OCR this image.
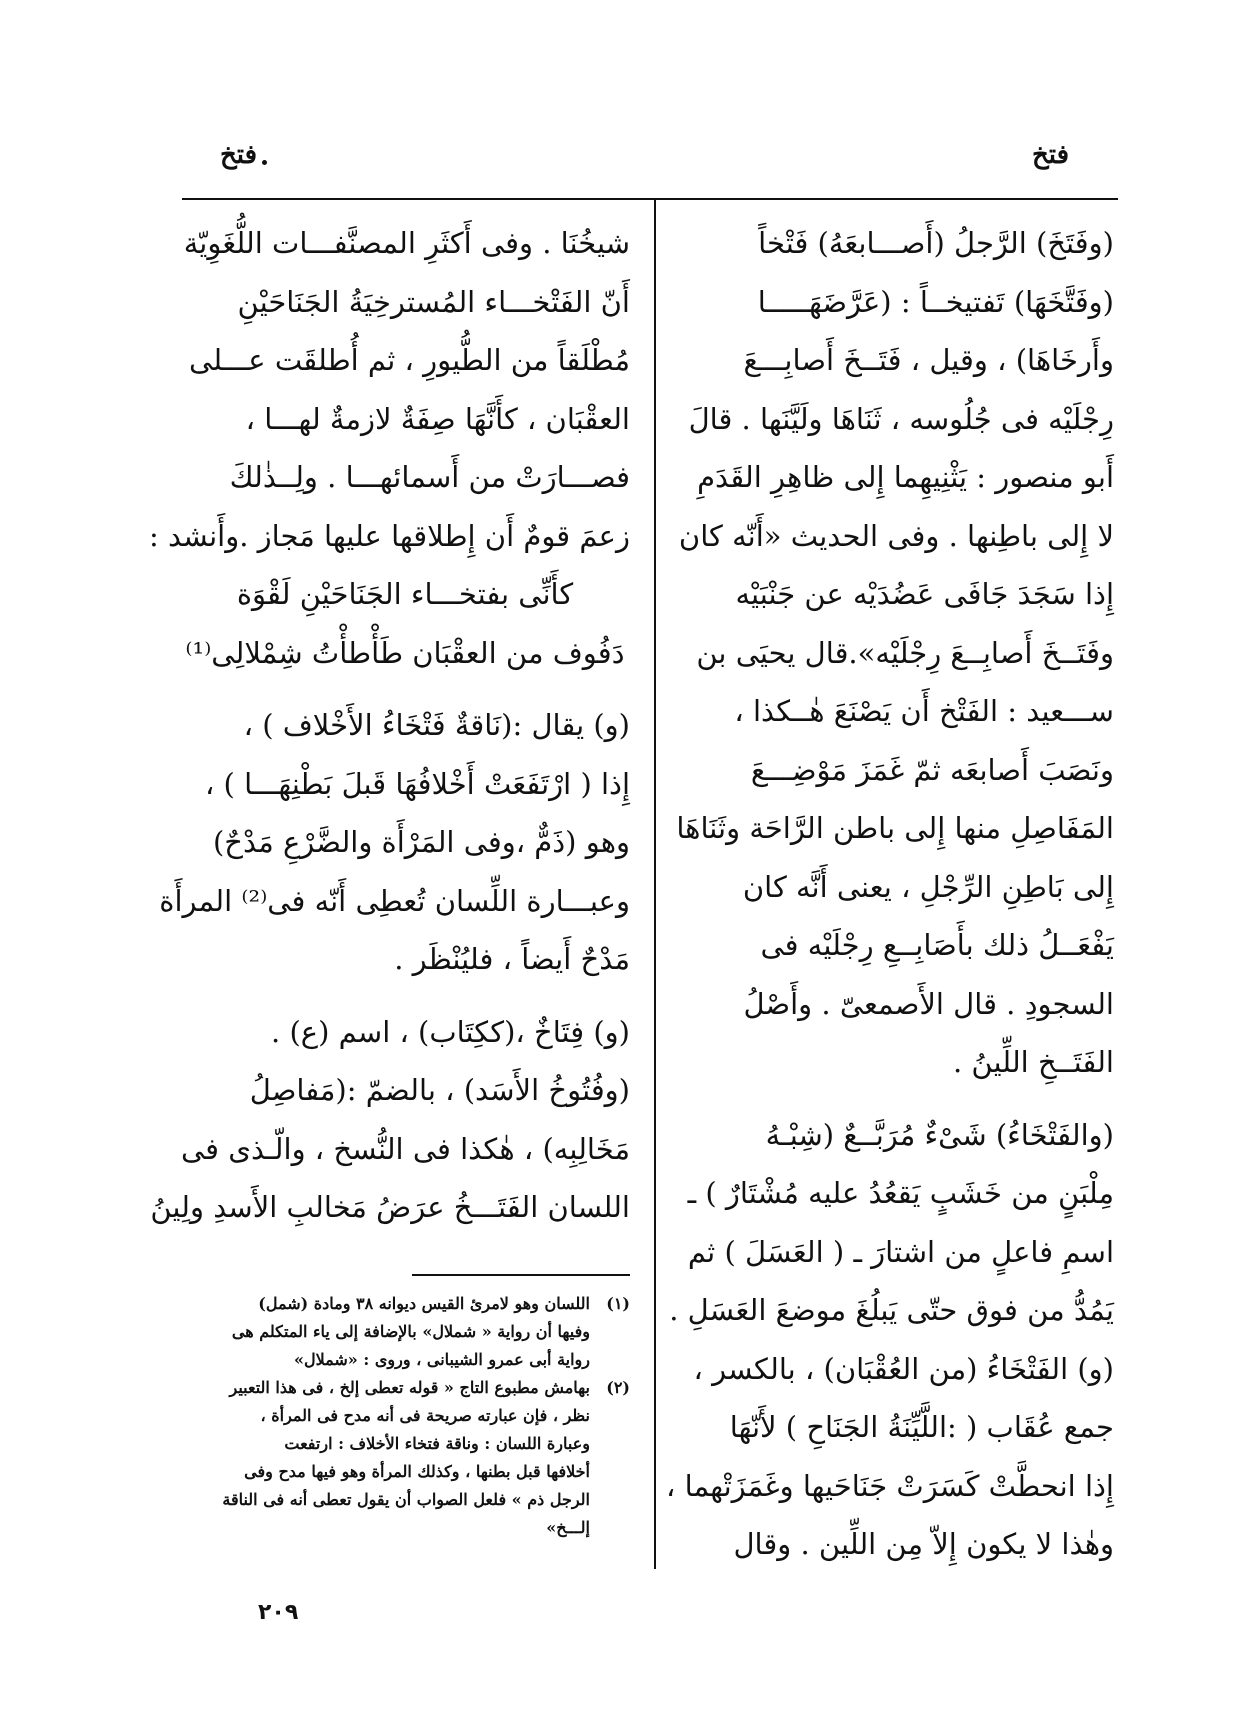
فتخ
فتخ
(وفَتَخَ) الرَّجلُ (أَصـــابعَهُ) فَتْخاً
(وفَتَّخَهَا) تَفتيخــاً : (عَرَّضَهَـــــا
وأَرخَاهَا) ، وقيل ، فَتَــخَ أَصابِـــعَ
رِجْلَيْه فى جُلُوسه ، ثَنَاهَا ولَيَّنَها . قالَ
أَبو منصور : يَثْنِيهِما إِلى ظاهِرِ القَدَمِ
لا إِلى باطِنها . وفى الحديث «أَنّه كان
إِذا سَجَدَ جَافَى عَضُدَيْه عن جَنْبَيْه
وفَتَــخَ أَصابِــعَ رِجْلَيْه».قال يحيَى بن
ســـعيد : الفَتْخ أَن يَصْنَعَ هٰــكذا ،
ونَصَبَ أَصابعَه ثمّ غَمَزَ مَوْضِـــعَ
المَفَاصِلِ منها إِلى باطن الرَّاحَة وثَنَاهَا
إِلى بَاطِنِ الرِّجْلِ ، يعنى أَنَّه كان
يَفْعَــلُ ذلك بأَصَابِــعِ رِجْلَيْه فى
السجودِ . قال الأَصمعىّ . وأَصْلُ
الفَتَــخِ اللِّينُ .
(والفَتْخَاءُ) شَىْءٌ مُرَبَّــعٌ (شِبْـهُ
مِلْبَنٍ من خَشَبٍ يَقعُدُ عليه مُشْتَارٌ ) ـ
اسمِ فاعلٍ من اشتارَ ـ ( العَسَلَ ) ثم
يَمُدُّ من فوق حتّى يَبلُغَ موضعَ العَسَلِ .
(و) الفَتْخَاءُ (من العُقْبَان) ، بالكسر ،
جمع عُقَاب ( :اللَّيِّنَةُ الجَنَاحِ ) لأَنّهَا
إِذا انحطَّتْ كَسَرَتْ جَنَاحَيها وغَمَزَتْهما ،
وهٰذا لا يكون إِلاّ مِن اللِّين . وقال
شيخُنَا . وفى أَكثَرِ المصنَّفـــات اللُّغَوِيّة
أَنّ الفَتْخـــاء المُسترخِيَةُ الجَنَاحَيْنِ
مُطْلَقاً من الطُّيورِ ، ثم أُطلقَت عـــلى
العقْبَان ، كأَنَّهَا صِفَةٌ لازمةٌ لهـــا ،
فصـــارَتْ من أَسمائهـــا . ولِــذٰلكَ
زعمَ قومٌ أَن إِطلاقها عليها مَجاز .وأَنشد :
كأَنِّى بفتخـــاء الجَنَاحَيْنِ لَقْوَة
دَفُوف من العقْبَان طَأْطأْتُ شِمْلالِى⁽¹⁾
(و) يقال :(نَاقةٌ فَتْخَاءُ الأَخْلاف ) ،
إِذا ( ارْتَفَعَتْ أَخْلافُهَا قَبلَ بَطْنِهَـــا ) ،
وهو (ذَمٌّ ،وفى المَرْأَة والضَّرْعِ مَدْحٌ)
وعبـــارة اللِّسان تُعطِى أَنّه فى⁽²⁾ المرأَة
مَدْحٌ أَيضاً ، فليُنْظَر .
(و) فِتَاخٌ ،(ككِتَاب) ، اسم (ع) .
(وفُتُوخُ الأَسَد) ، بالضمّ :(مَفاصِلُ
مَخَالِبِه) ، هٰكذا فى النُّسخ ، والّـذى فى
اللسان الفَتَـــخُ عرَضُ مَخالبِ الأَسدِ ولِينُ
(١)اللسان وهو لامرئ القيس ديوانه ٣٨ ومادة (شمل)
وفيها أن رواية « شملال» بالإضافة إلى ياء المتكلم هى
رواية أبى عمرو الشيبانى ، وروى : «شملال»
(٢)بهامش مطبوع التاج « قوله تعطى إلخ ، فى هذا التعبير
نظر ، فإن عبارته صريحة فى أنه مدح فى المرأة ،
وعبارة اللسان : وناقة فتخاء الأخلاف : ارتفعت
أخلافها قبل بطنها ، وكذلك المرأة وهو فيها مدح وفى
الرجل ذم » فلعل الصواب أن يقول تعطى أنه فى الناقة
إلـــخ»
٢٠٩
